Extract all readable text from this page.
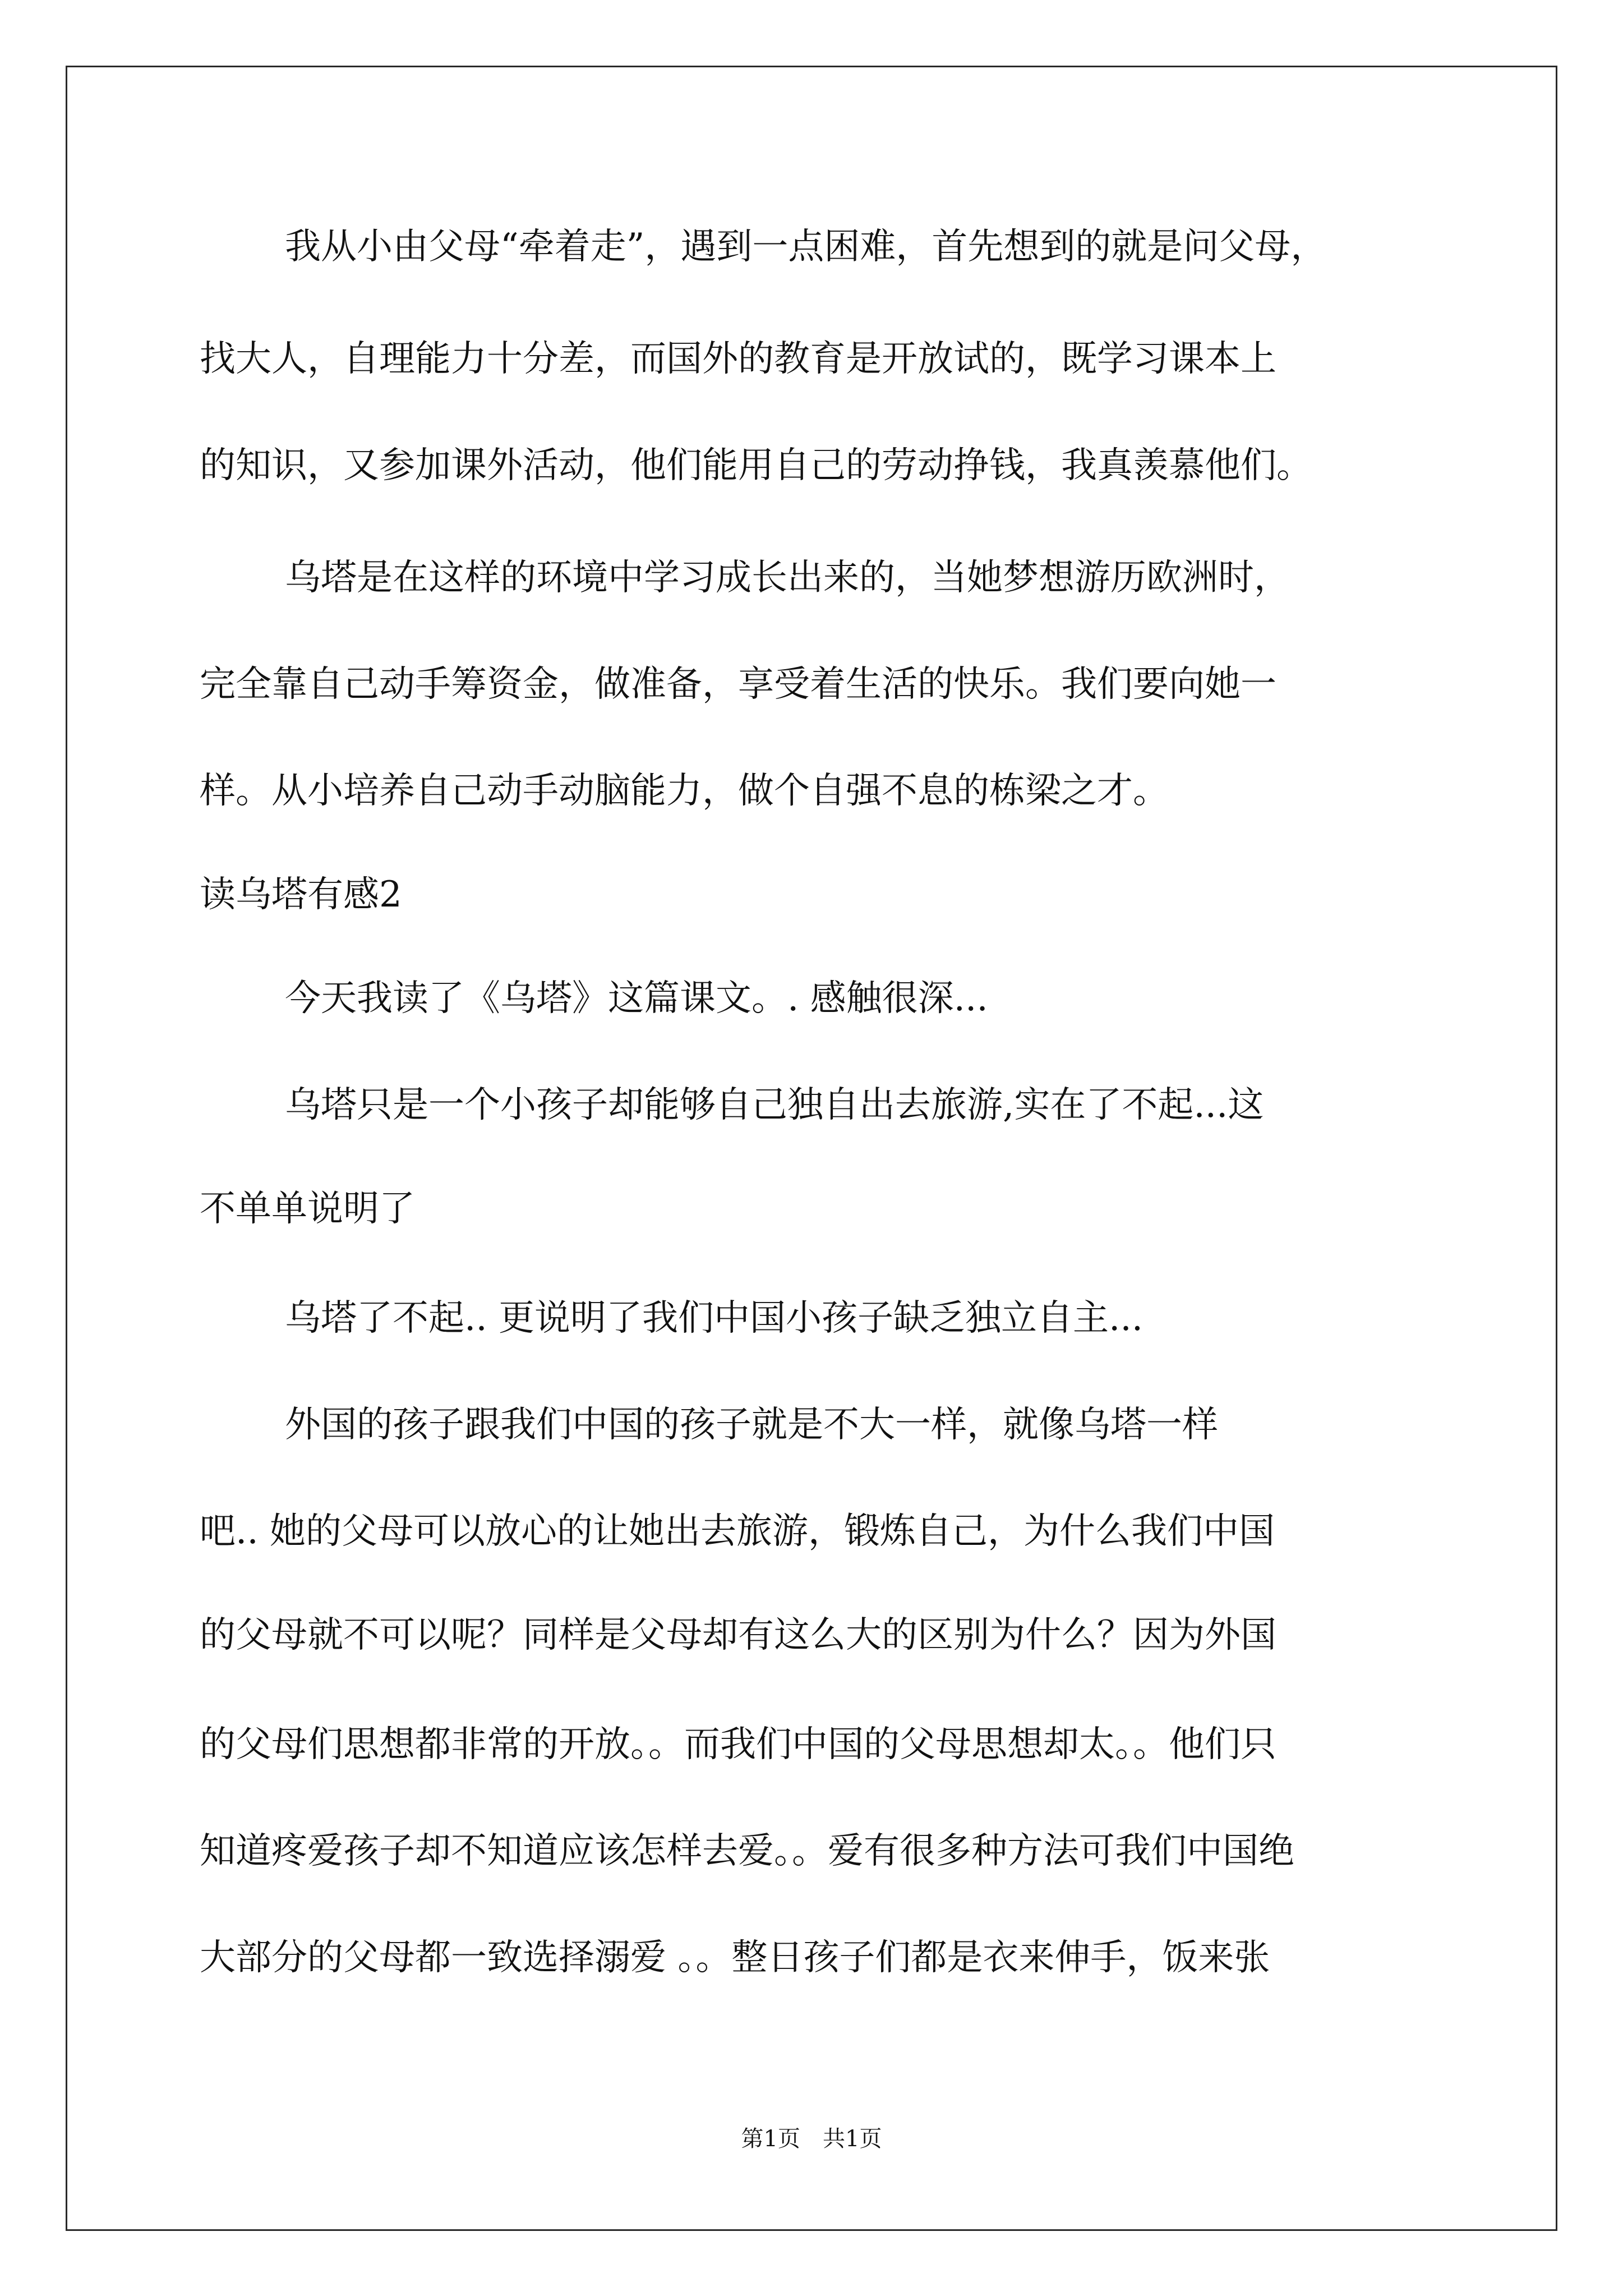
我从小由父母“牵着走”，遇到一点困难，首先想到的就是问父母，

找大人，自理能力十分差，而国外的教育是开放试的，既学习课本上

的知识，又参加课外活动，他们能用自己的劳动挣钱，我真羡慕他们。

乌塔是在这样的环境中学习成长出来的，当她梦想游历欧洲时，

完全靠自己动手筹资金，做准备，享受着生活的快乐。我们要向她一

样。从小培养自己动手动脑能力，做个自强不息的栋梁之才。

读乌塔有感2

今天我读了《乌塔》这篇课文。. 感触很深...

乌塔只是一个小孩子却能够自己独自出去旅游,实在了不起...这

不单单说明了

乌塔了不起.. 更说明了我们中国小孩子缺乏独立自主...

外国的孩子跟我们中国的孩子就是不大一样，就像乌塔一样

吧.. 她的父母可以放心的让她出去旅游，锻炼自己，为什么我们中国

的父母就不可以呢？同样是父母却有这么大的区别为什么？因为外国

的父母们思想都非常的开放。。而我们中国的父母思想却太。。他们只

知道疼爱孩子却不知道应该怎样去爱。。爱有很多种方法可我们中国绝

大部分的父母都一致选择溺爱 。。整日孩子们都是衣来伸手，饭来张

第1页　共1页
